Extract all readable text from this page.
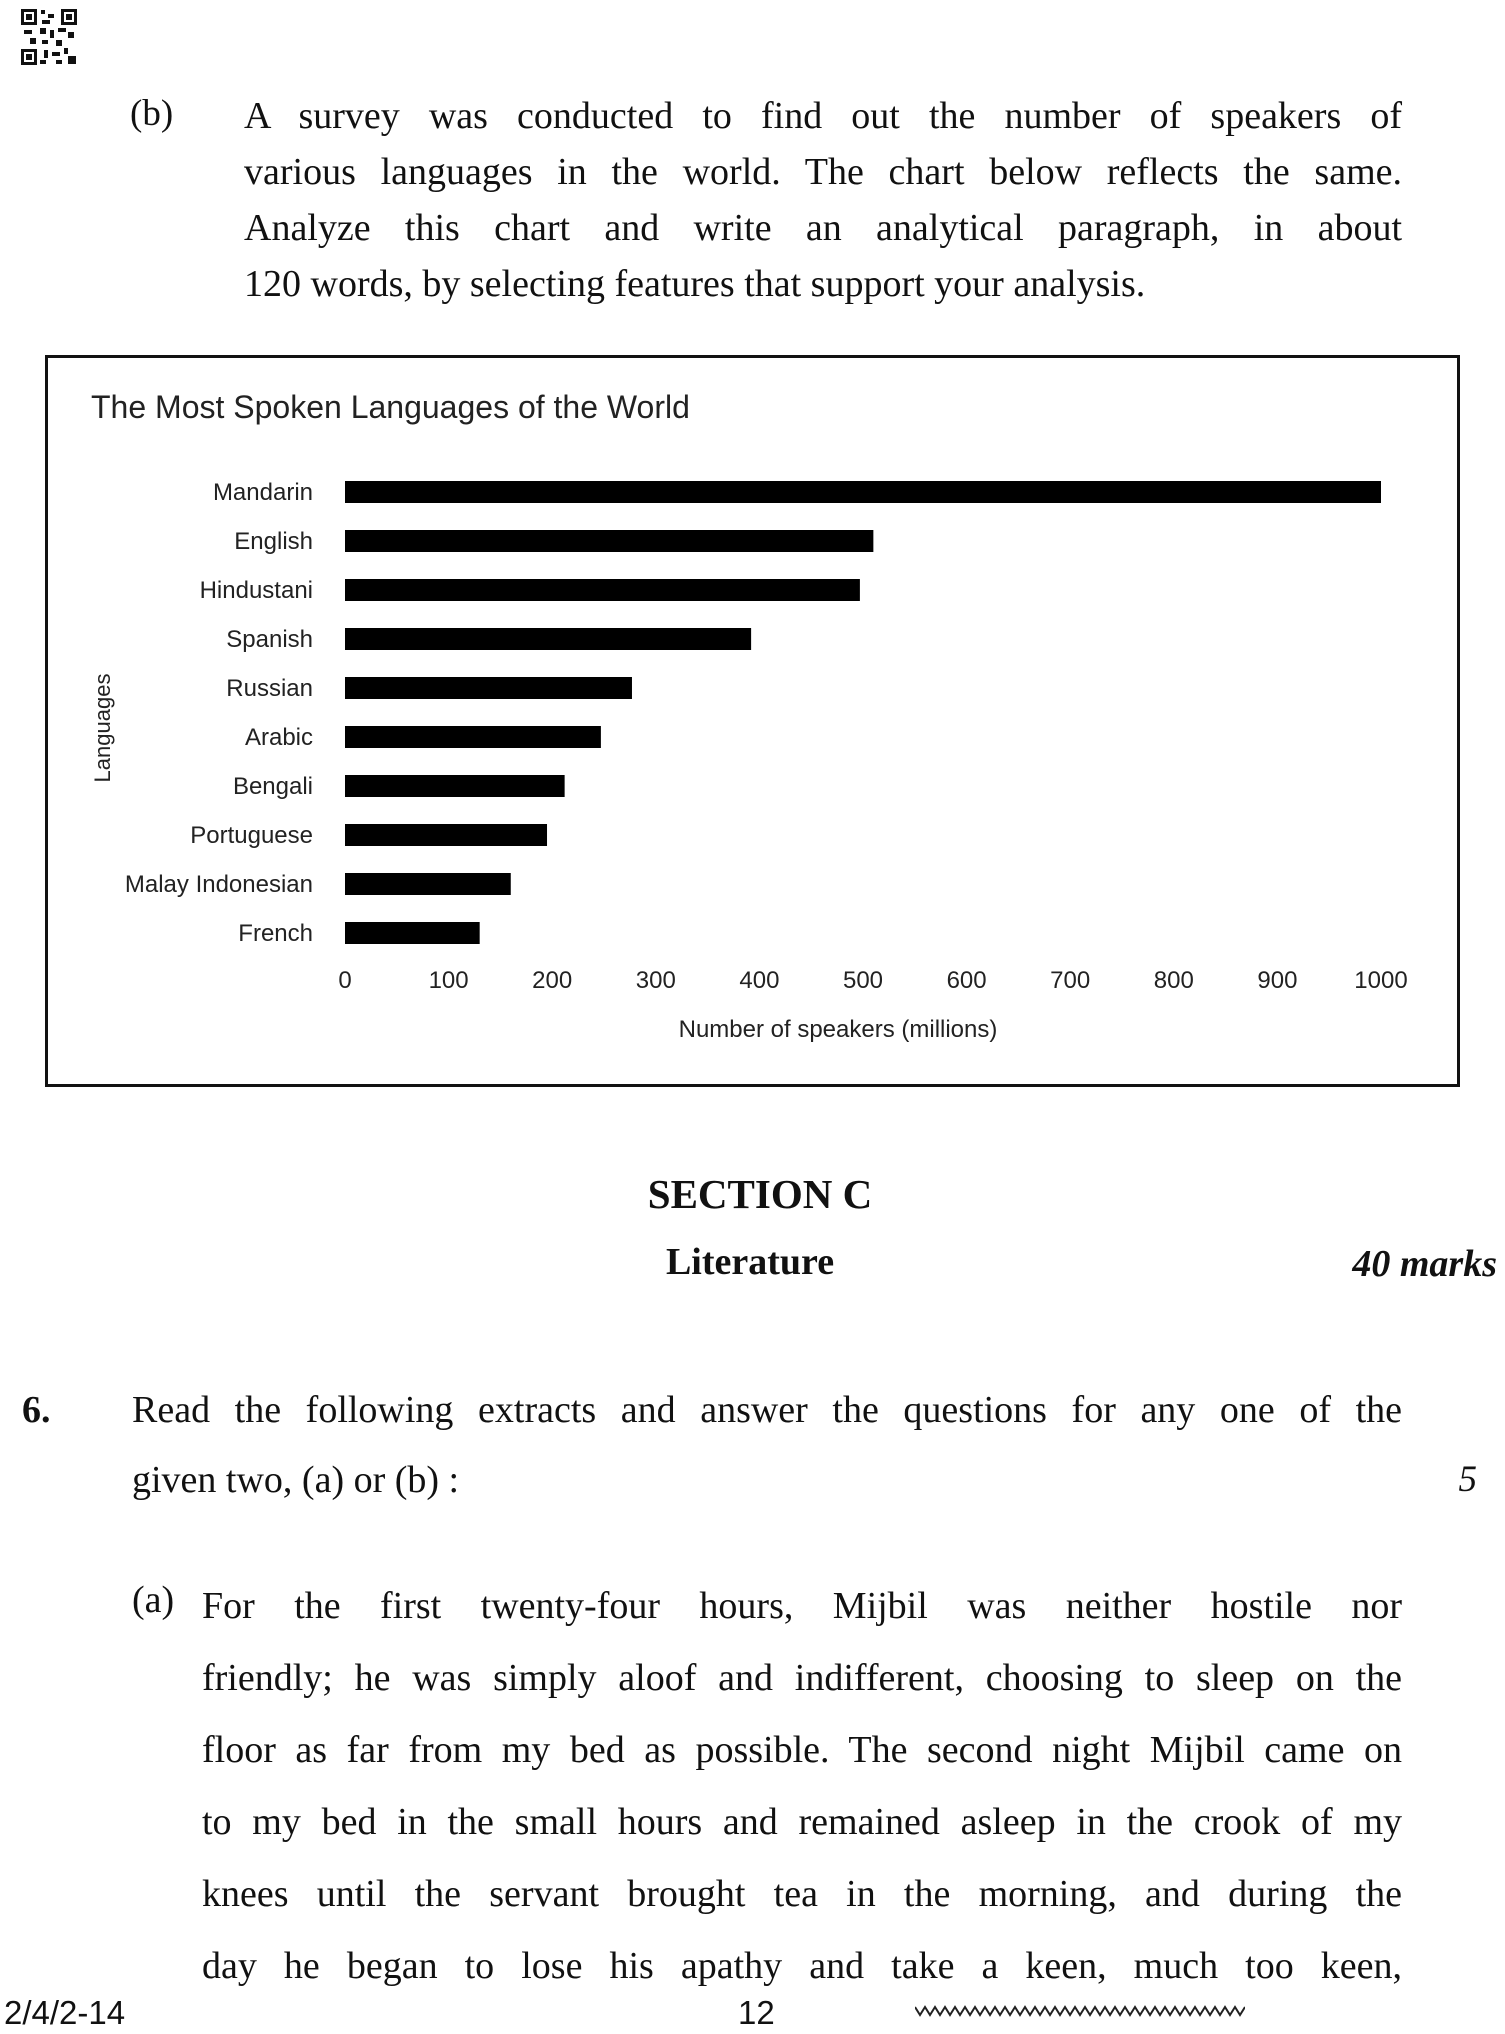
(b) A survey was conducted to find out the number of speakers of
various languages in the world. The chart below reflects the same.
Analyze this chart and write an analytical paragraph, in about
120 words, by selecting features that support your analysis.
The Most Spoken Languages of the World
Languages
Number of speakers (millions)
Mandarin
English
Hindustani
Spanish
Russian
Arabic
Bengali
Portuguese
Malay Indonesian
French
0	100	200	300	400	500	600	700	800	900 1000
SECTION C
Literature	40 marks
6. Read the following extracts and answer the questions for any one of the
given two, (a) or (b) :	5
(a) For the first twenty-four hours, Mijbil was neither hostile nor
friendly; he was simply aloof and indifferent, choosing to sleep on the
floor as far from my bed as possible. The second night Mijbil came on
to my bed in the small hours and remained asleep in the crook of my
knees until the servant brought tea in the morning, and during the
day he began to lose his apathy and take a keen, much too keen,
2/4/2-14	12
